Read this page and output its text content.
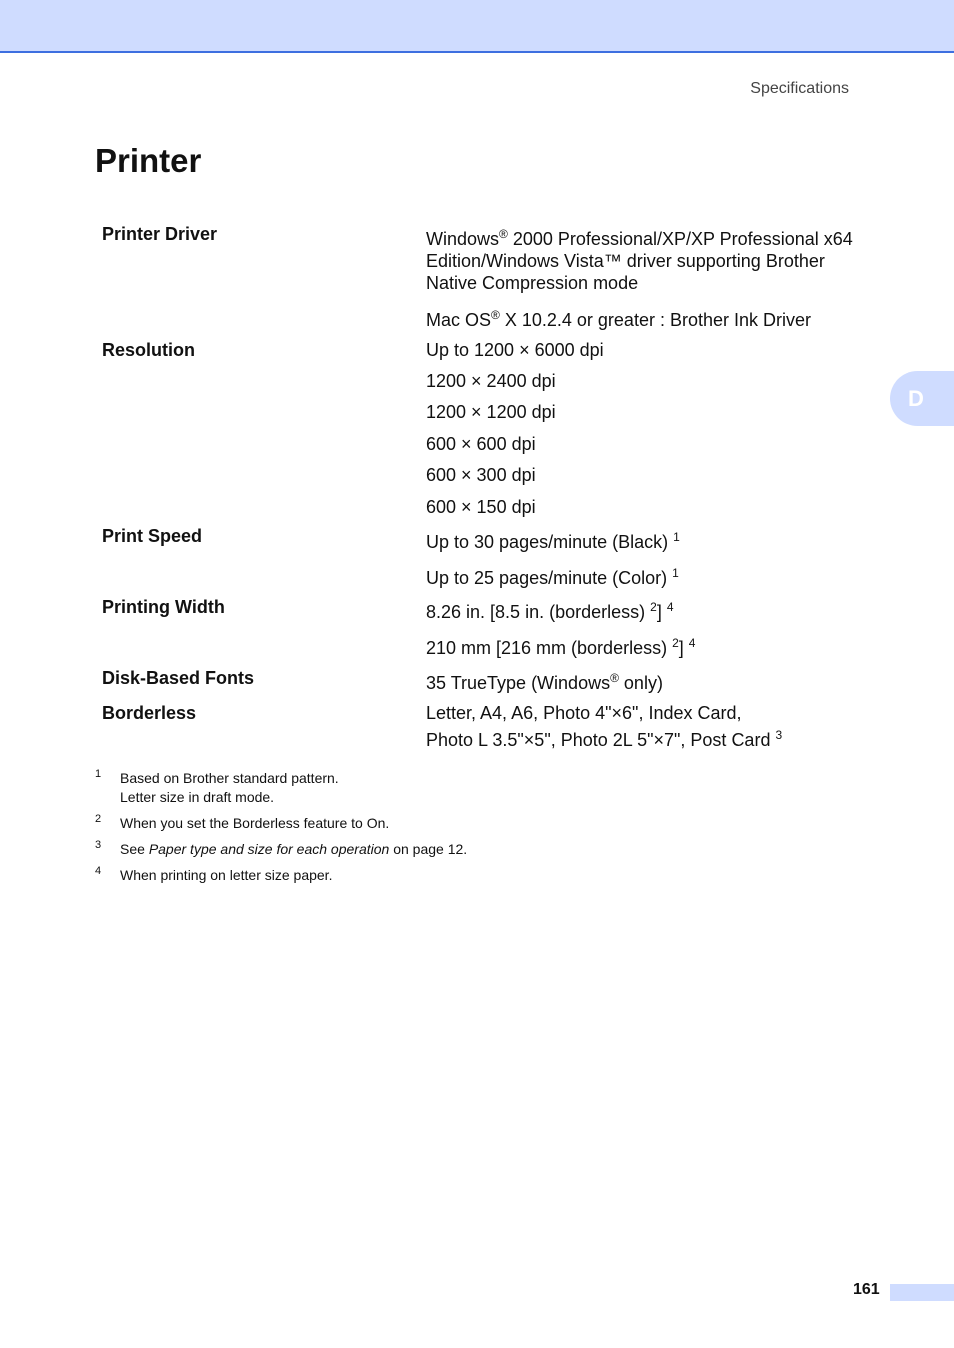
Specifications
Printer
D
Printer Driver	Windows® 2000 Professional/XP/XP Professional x64 Edition/Windows Vista™ driver supporting Brother Native Compression mode
Mac OS® X 10.2.4 or greater : Brother Ink Driver
Resolution	Up to 1200 × 6000 dpi
1200 × 2400 dpi
1200 × 1200 dpi
600 × 600 dpi
600 × 300 dpi
600 × 150 dpi
Print Speed	Up to 30 pages/minute (Black) $^1$
Up to 25 pages/minute (Color) $^1$
Printing Width	8.26 in. [8.5 in. (borderless) $^2$] $^4$
210 mm [216 mm (borderless) $^2$] $^4$
Disk-Based Fonts	35 TrueType (Windows® only)
Borderless	Letter, A4, A6, Photo 4"×6", Index Card,
Photo L 3.5"×5", Photo 2L 5"×7", Post Card $^3$
1 Based on Brother standard pattern.
Letter size in draft mode.
2 When you set the Borderless feature to On.
3 See Paper type and size for each operation on page 12.
4 When printing on letter size paper.
161
